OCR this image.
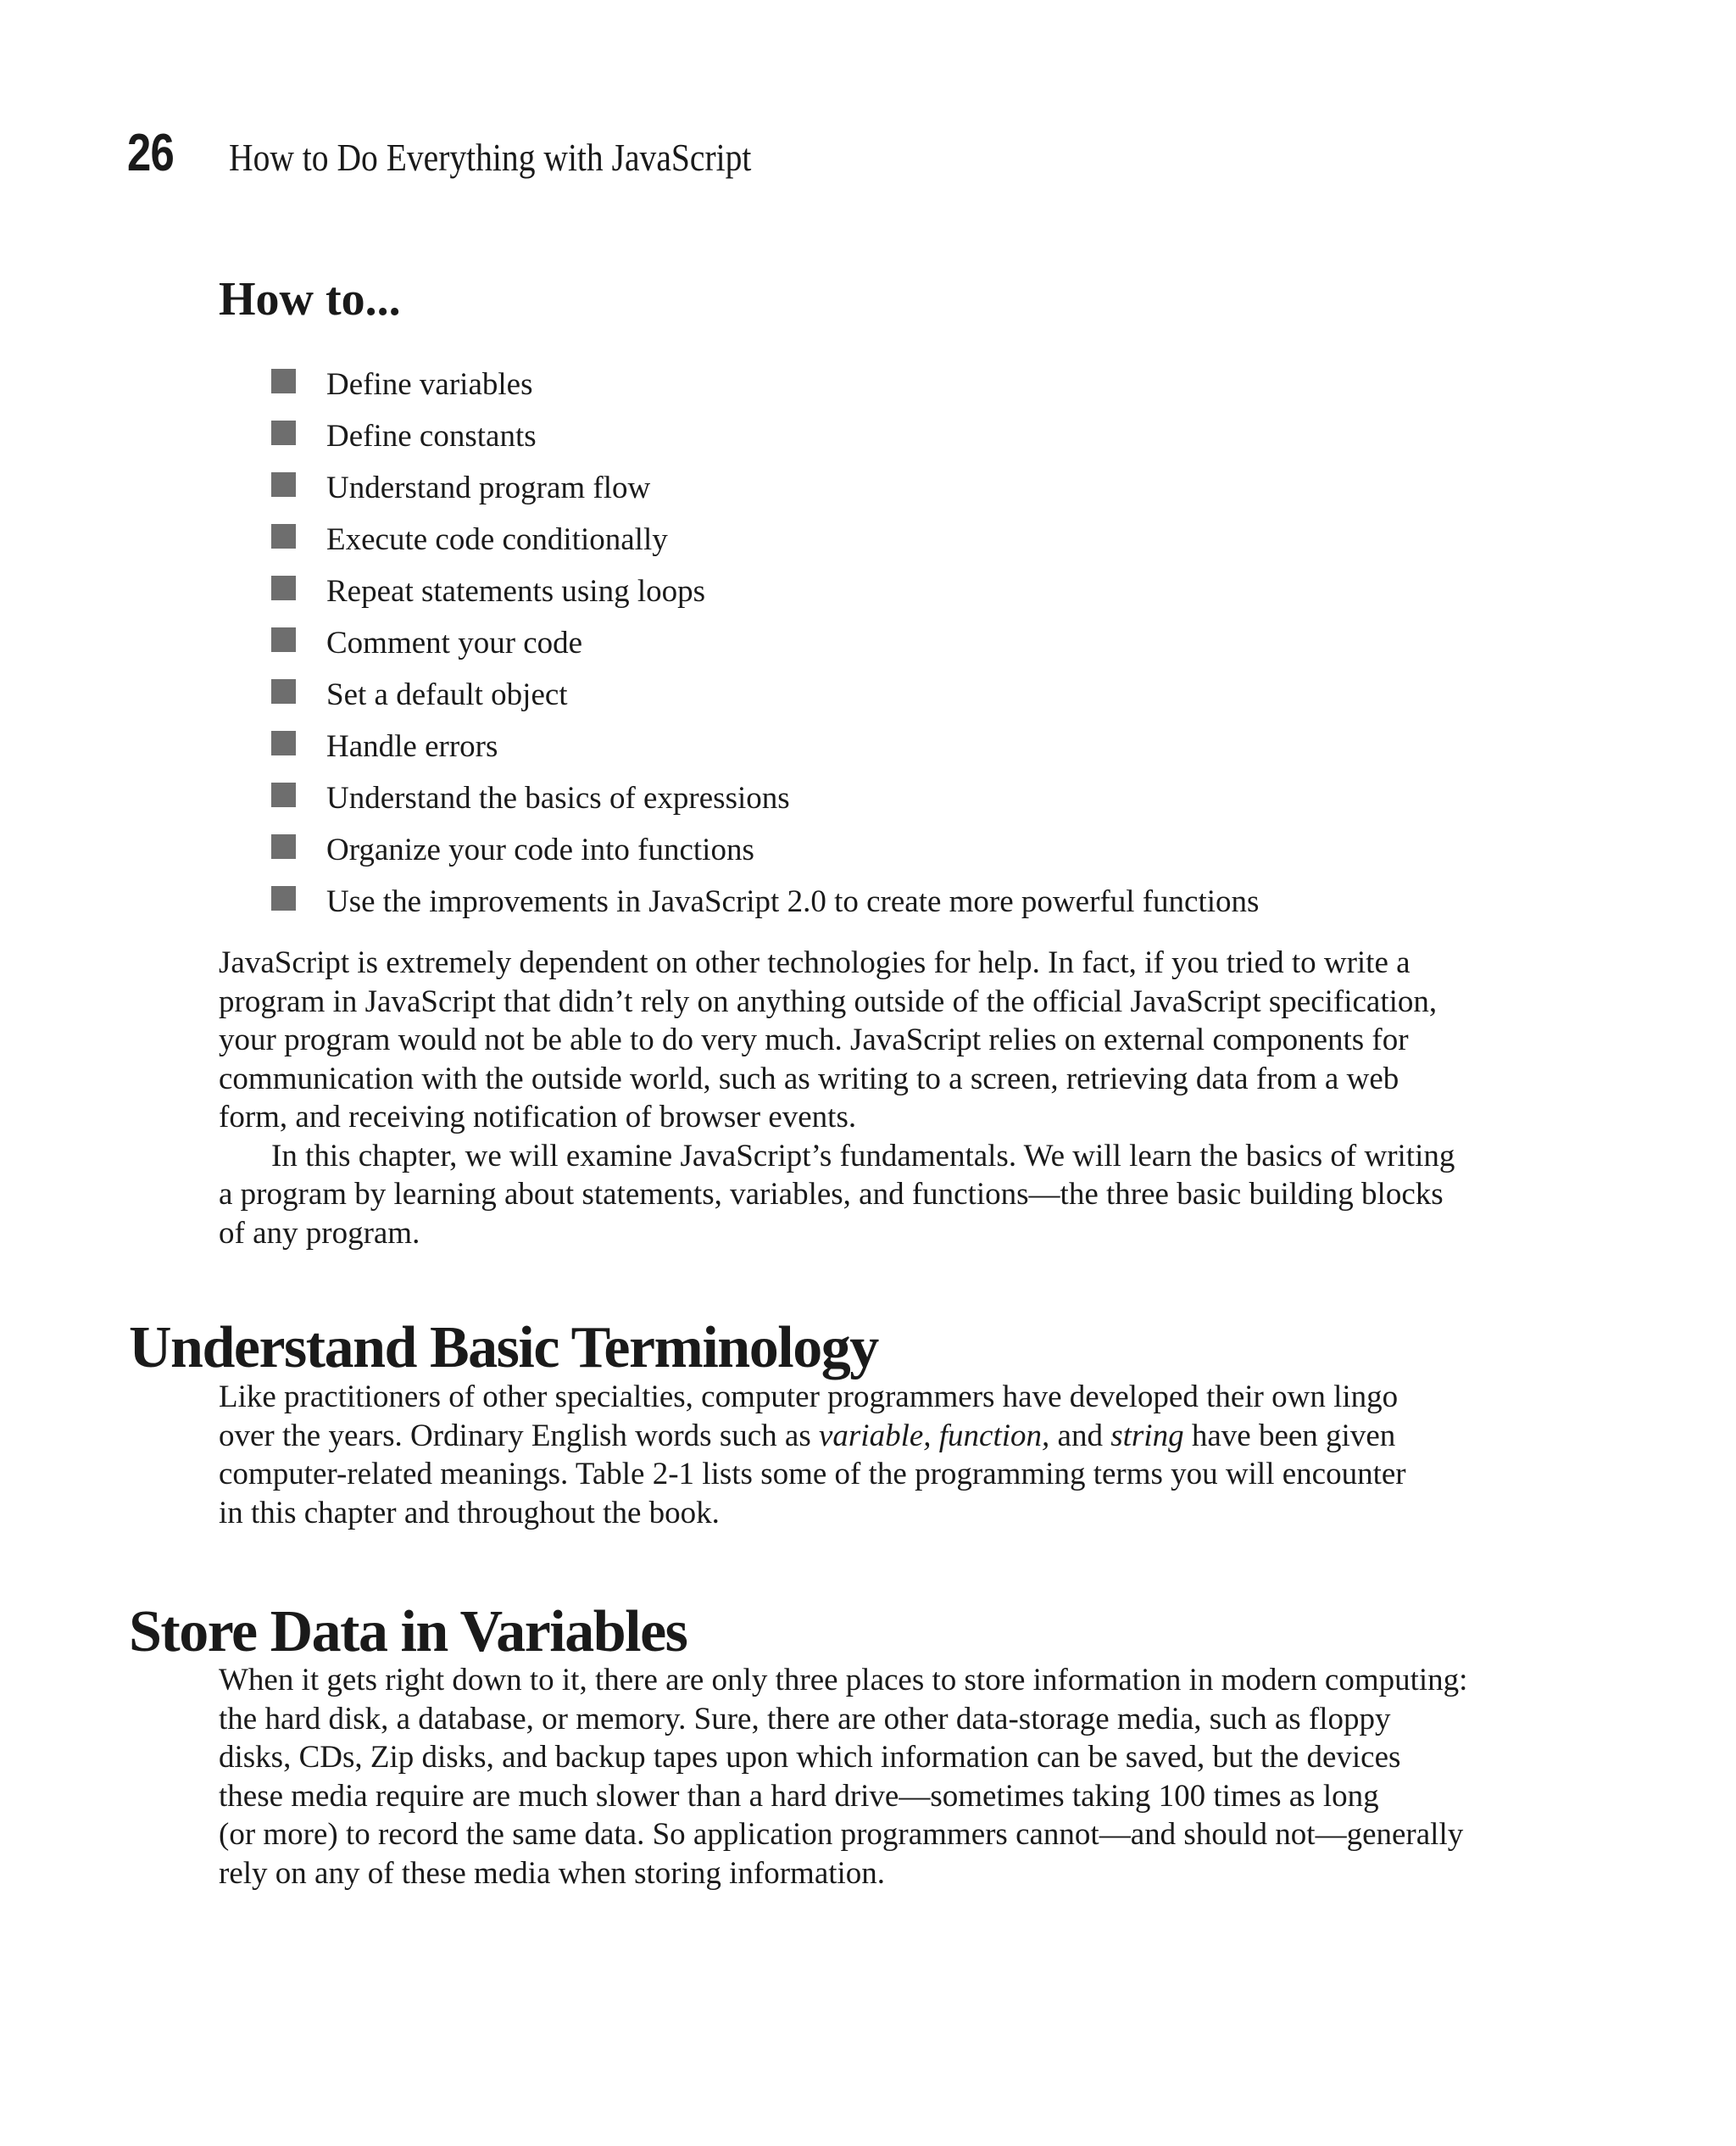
26	How to Do Everything with JavaScript
How to...
Define variables
Define constants
Understand program flow
Execute code conditionally
Repeat statements using loops
Comment your code
Set a default object
Handle errors
Understand the basics of expressions
Organize your code into functions
Use the improvements in JavaScript 2.0 to create more powerful functions

JavaScript is extremely dependent on other technologies for help. In fact, if you tried to write a
program in JavaScript that didn’t rely on anything outside of the official JavaScript specification,
your program would not be able to do very much. JavaScript relies on external components for
communication with the outside world, such as writing to a screen, retrieving data from a web
form, and receiving notification of browser events.

In this chapter, we will examine JavaScript’s fundamentals. We will learn the basics of writing
a program by learning about statements, variables, and functions—the three basic building blocks
of any program.

Understand Basic Terminology

Like practitioners of other specialties, computer programmers have developed their own lingo
over the years. Ordinary English words such as variable, function, and string have been given
computer-related meanings. Table 2-1 lists some of the programming terms you will encounter
in this chapter and throughout the book.

Store Data in Variables

When it gets right down to it, there are only three places to store information in modern computing:
the hard disk, a database, or memory. Sure, there are other data-storage media, such as floppy
disks, CDs, Zip disks, and backup tapes upon which information can be saved, but the devices
these media require are much slower than a hard drive—sometimes taking 100 times as long
(or more) to record the same data. So application programmers cannot—and should not—generally
rely on any of these media when storing information.
